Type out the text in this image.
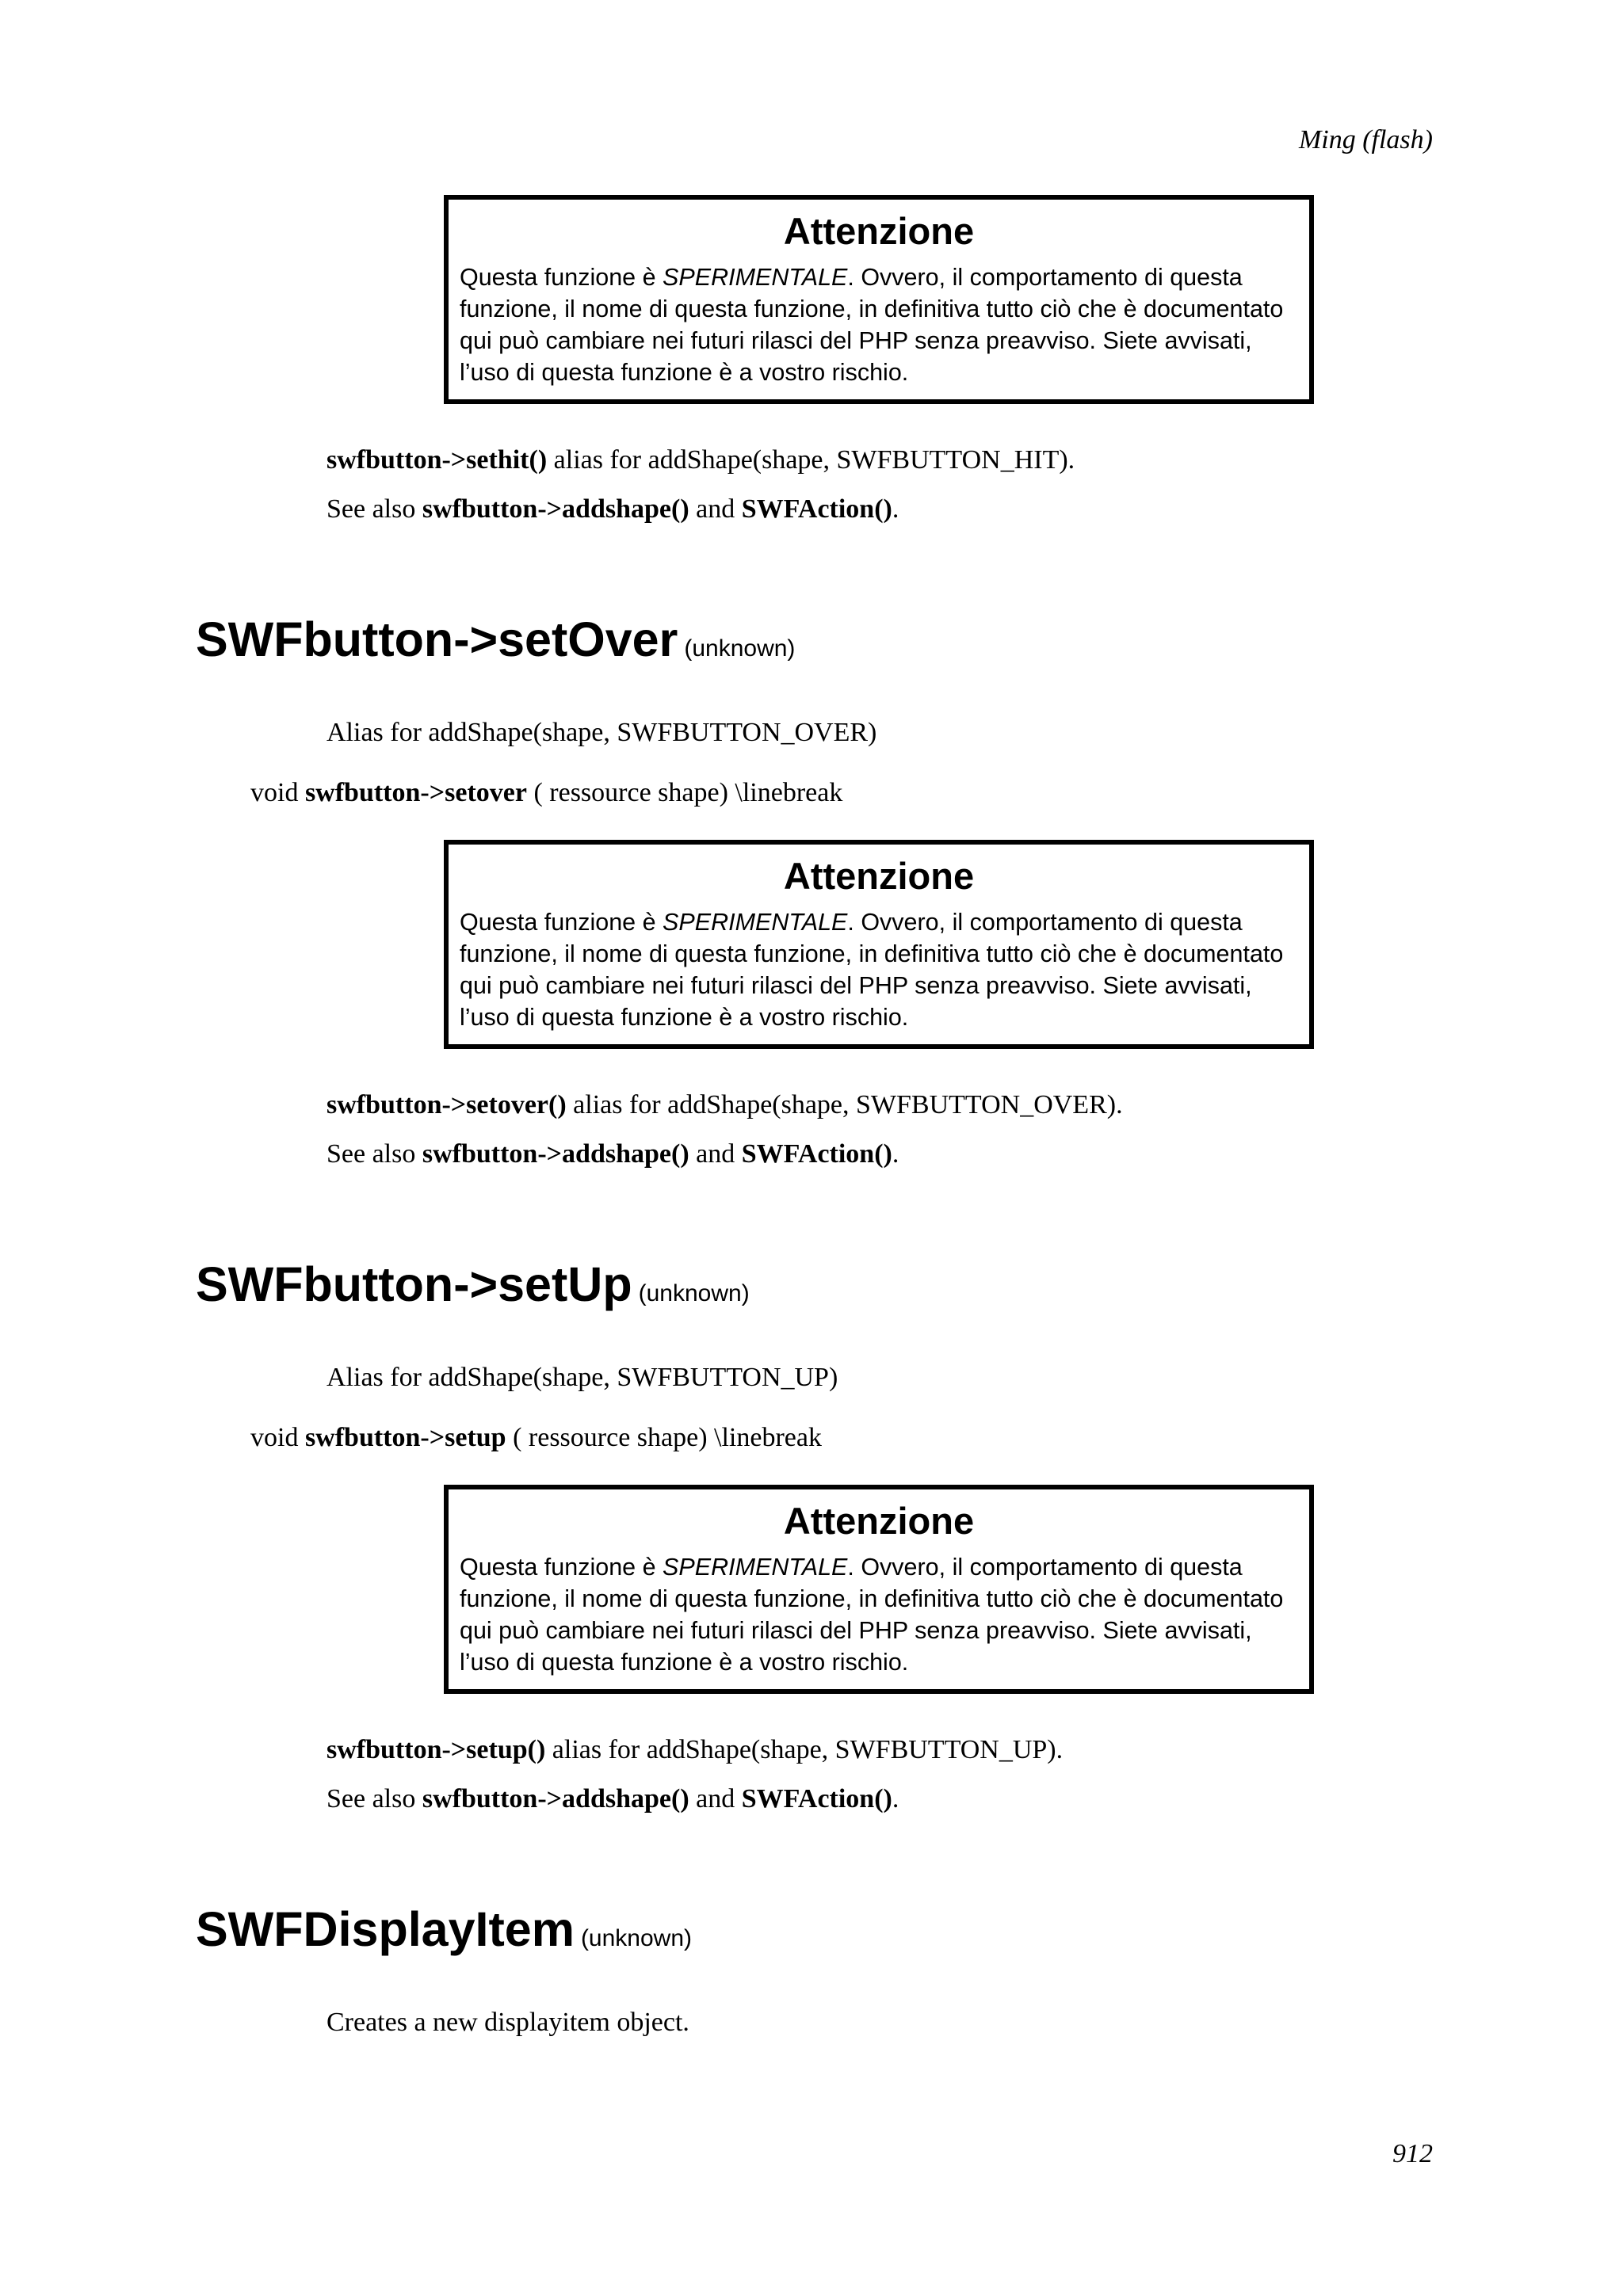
Ming (flash)
Attenzione
Questa funzione è SPERIMENTALE. Ovvero, il comportamento di questa
funzione, il nome di questa funzione, in definitiva tutto ciò che è documentato
qui può cambiare nei futuri rilasci del PHP senza preavviso. Siete avvisati,
l’uso di questa funzione è a vostro rischio.
swfbutton->sethit() alias for addShape(shape, SWFBUTTON_HIT).
See also swfbutton->addshape() and SWFAction().
SWFbutton->setOver (unknown)
Alias for addShape(shape, SWFBUTTON_OVER)
void swfbutton->setover ( ressource shape) \linebreak
Attenzione
Questa funzione è SPERIMENTALE. Ovvero, il comportamento di questa
funzione, il nome di questa funzione, in definitiva tutto ciò che è documentato
qui può cambiare nei futuri rilasci del PHP senza preavviso. Siete avvisati,
l’uso di questa funzione è a vostro rischio.
swfbutton->setover() alias for addShape(shape, SWFBUTTON_OVER).
See also swfbutton->addshape() and SWFAction().
SWFbutton->setUp (unknown)
Alias for addShape(shape, SWFBUTTON_UP)
void swfbutton->setup ( ressource shape) \linebreak
Attenzione
Questa funzione è SPERIMENTALE. Ovvero, il comportamento di questa
funzione, il nome di questa funzione, in definitiva tutto ciò che è documentato
qui può cambiare nei futuri rilasci del PHP senza preavviso. Siete avvisati,
l’uso di questa funzione è a vostro rischio.
swfbutton->setup() alias for addShape(shape, SWFBUTTON_UP).
See also swfbutton->addshape() and SWFAction().
SWFDisplayItem (unknown)
Creates a new displayitem object.
912
